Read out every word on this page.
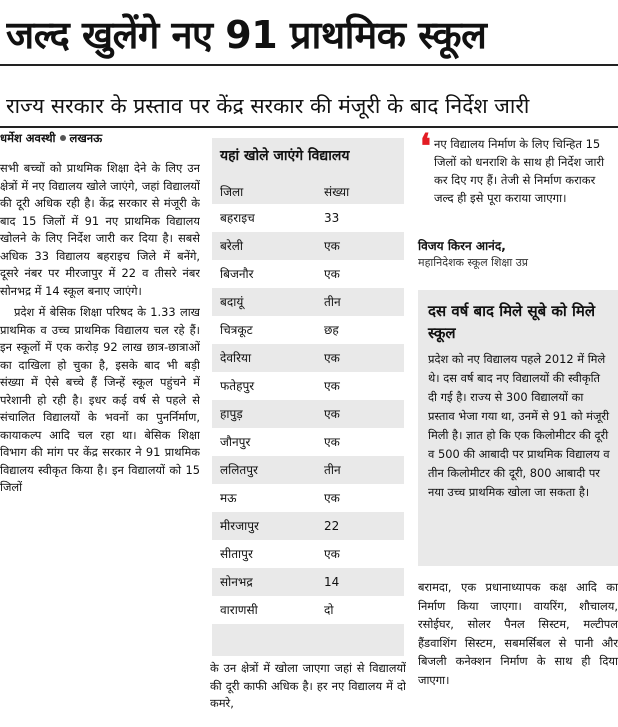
जल्द खुलेंगे नए 91 प्राथमिक स्कूल
राज्य सरकार के प्रस्ताव पर केंद्र सरकार की मंजूरी के बाद निर्देश जारी
धर्मेश अवस्थी लखनऊ

सभी बच्चों को प्राथमिक शिक्षा देने के लिए उन क्षेत्रों में नए विद्यालय खोले जाएंगे, जहां विद्यालयों की दूरी अधिक रही है। केंद्र सरकार से मंजूरी के बाद 15 जिलों में 91 नए प्राथमिक विद्यालय खोलने के लिए निर्देश जारी कर दिया है। सबसे अधिक 33 विद्यालय बहराइच जिले में बनेंगे, दूसरे नंबर पर मीरजापुर में 22 व तीसरे नंबर सोनभद्र में 14 स्कूल बनाए जाएंगे।

प्रदेश में बेसिक शिक्षा परिषद के 1.33 लाख प्राथमिक व उच्च प्राथमिक विद्यालय चल रहे हैं। इन स्कूलों में एक करोड़ 92 लाख छात्र-छात्राओं का दाखिला हो चुका है, इसके बाद भी बड़ी संख्या में ऐसे बच्चे हैं जिन्हें स्कूल पहुंचने में परेशानी हो रही है। इधर कई वर्ष से पहले से संचालित विद्यालयों के भवनों का पुनर्निर्माण, कायाकल्प आदि चल रहा था। बेसिक शिक्षा विभाग की मांग पर केंद्र सरकार ने 91 प्राथमिक विद्यालय स्वीकृत किया है। इन विद्यालयों को 15 जिलों

यहां खोले जाएंगे विद्यालय
जिला	संख्या
बहराइच	33
बरेली	एक
बिजनौर	एक
बदायूं	तीन
चित्रकूट	छह
देवरिया	एक
फतेहपुर	एक
हापुड़	एक
जौनपुर	एक
ललितपुर	तीन
मऊ	एक
मीरजापुर	22
सीतापुर	एक
सोनभद्र	14
वाराणसी	दो
के उन क्षेत्रों में खोला जाएगा जहां से विद्यालयों की दूरी काफी अधिक है। हर नए विद्यालय में दो कमरे,
❛ नए विद्यालय निर्माण के लिए चिन्हित 15 जिलों को धनराशि के साथ ही निर्देश जारी कर दिए गए हैं। तेजी से निर्माण कराकर जल्द ही इसे पूरा कराया जाएगा।
विजय किरन आनंद,
महानिदेशक स्कूल शिक्षा उप्र
दस वर्ष बाद मिले सूबे को मिले स्कूल
प्रदेश को नए विद्यालय पहले 2012 में मिले थे। दस वर्ष बाद नए विद्यालयों की स्वीकृति दी गई है। राज्य से 300 विद्यालयों का प्रस्ताव भेजा गया था, उनमें से 91 को मंजूरी मिली है। ज्ञात हो कि एक किलोमीटर की दूरी व 500 की आबादी पर प्राथमिक विद्यालय व तीन किलोमीटर की दूरी, 800 आबादी पर नया उच्च प्राथमिक खोला जा सकता है।
बरामदा, एक प्रधानाध्यापक कक्ष आदि का निर्माण किया जाएगा। वायरिंग, शौचालय, रसोईघर, सोलर पैनल सिस्टम, मल्टीपल हैंडवाशिंग सिस्टम, सबमर्सिबल से पानी और बिजली कनेक्शन निर्माण के साथ ही दिया जाएगा।
